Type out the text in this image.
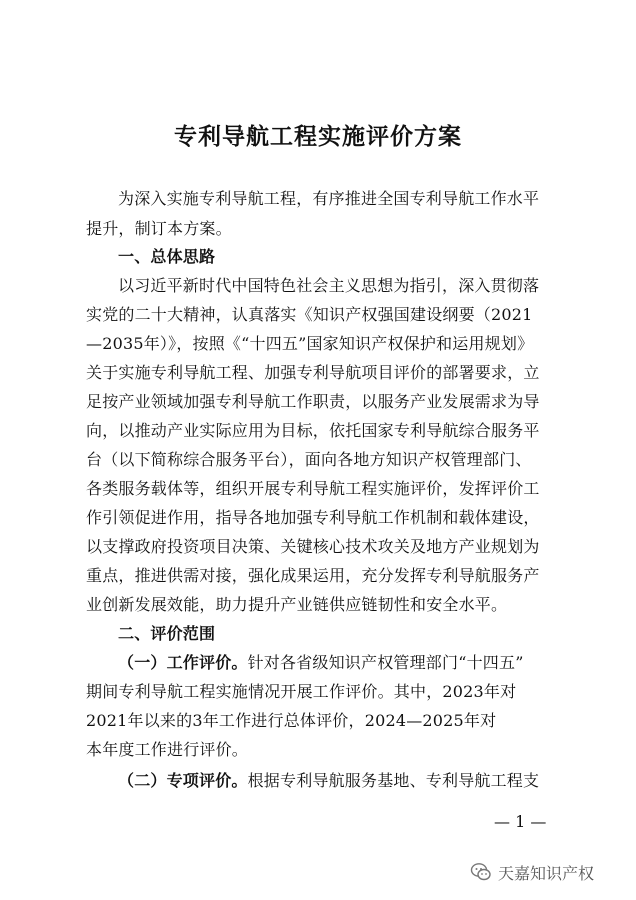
专利导航工程实施评价方案
为深入实施专利导航工程，有序推进全国专利导航工作水平
提升，制订本方案。
一、总体思路
以习近平新时代中国特色社会主义思想为指引，深入贯彻落
实党的二十大精神，认真落实《知识产权强国建设纲要（2021
—2035年）》，按照《“十四五”国家知识产权保护和运用规划》
关于实施专利导航工程、加强专利导航项目评价的部署要求，立
足按产业领域加强专利导航工作职责，以服务产业发展需求为导
向，以推动产业实际应用为目标，依托国家专利导航综合服务平
台（以下简称综合服务平台），面向各地方知识产权管理部门、
各类服务载体等，组织开展专利导航工程实施评价，发挥评价工
作引领促进作用，指导各地加强专利导航工作机制和载体建设，
以支撑政府投资项目决策、关键核心技术攻关及地方产业规划为
重点，推进供需对接，强化成果运用，充分发挥专利导航服务产
业创新发展效能，助力提升产业链供应链韧性和安全水平。
二、评价范围
（一）工作评价。针对各省级知识产权管理部门“十四五”
期间专利导航工程实施情况开展工作评价。其中，2023年对
2021年以来的3年工作进行总体评价，2024—2025年对
本年度工作进行评价。
（二）专项评价。根据专利导航服务基地、专利导航工程支
— 1 —
天嘉知识产权
